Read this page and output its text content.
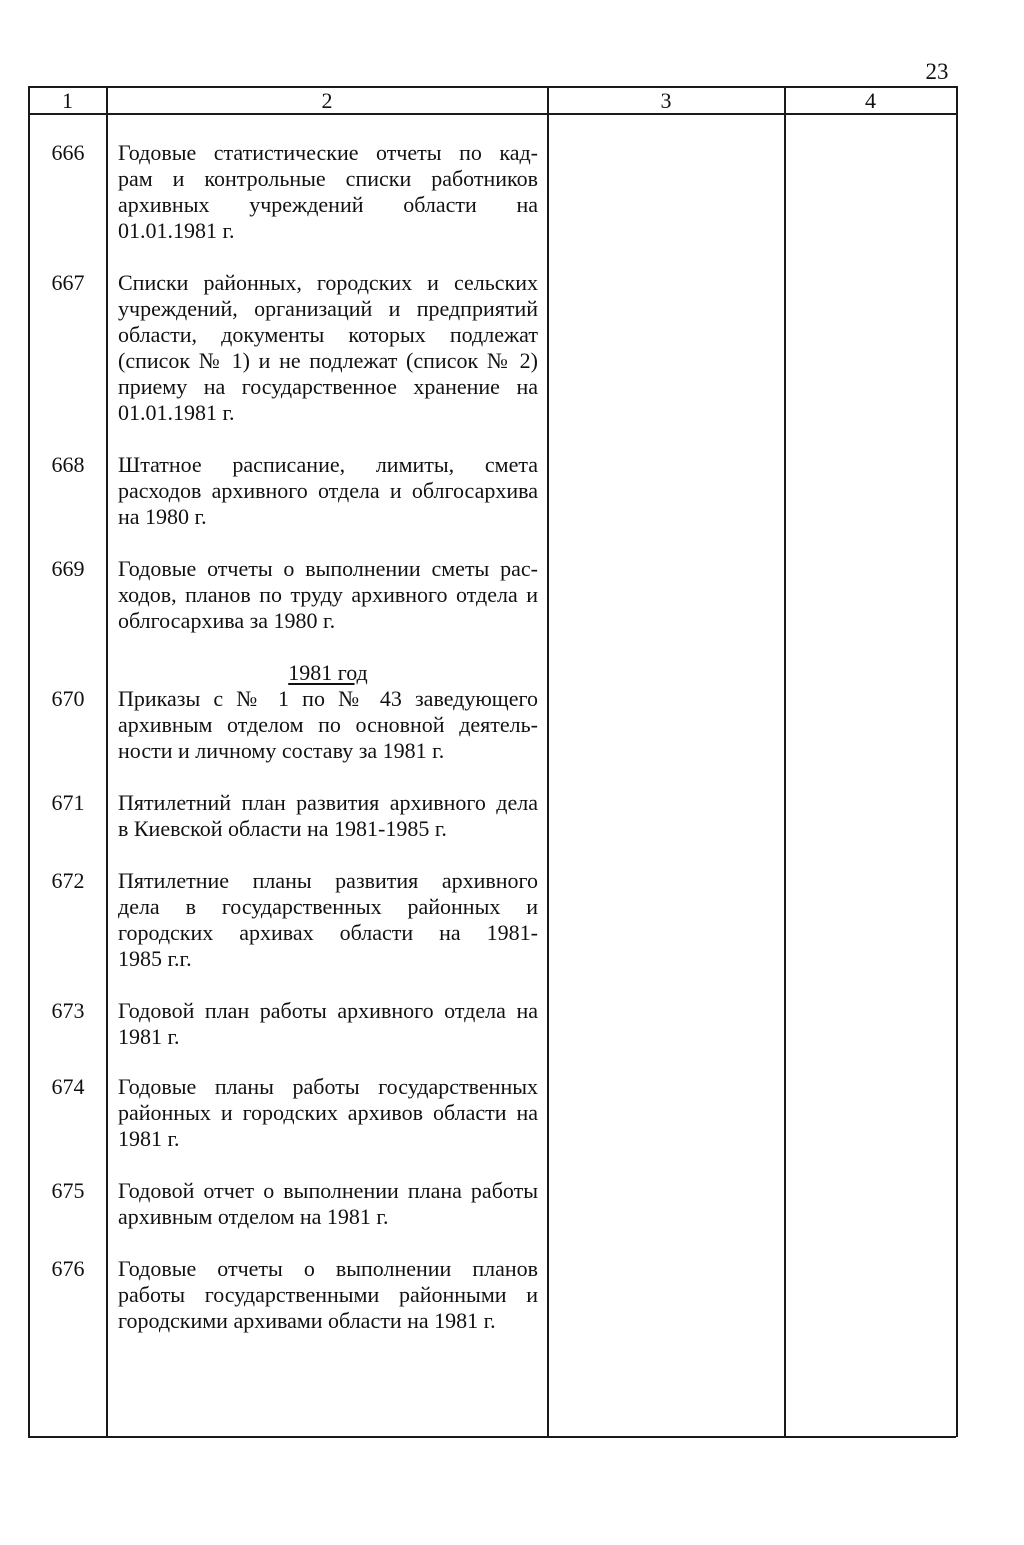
23
1	2	3	4
666	Годовые статистические отчеты по кад-
рам и контрольные списки работников
архивных учреждений области на
01.01.1981 г.
667	Списки районных, городских и сельских
учреждений, организаций и предприятий
области, документы которых подлежат
(список № 1) и не подлежат (список № 2)
приему на государственное хранение на
01.01.1981 г.
668	Штатное расписание, лимиты, смета
расходов архивного отдела и облгосархива
на 1980 г.
669	Годовые отчеты о выполнении сметы рас-
ходов, планов по труду архивного отдела и
облгосархива за 1980 г.
1981 год
670	Приказы с № 1 по № 43 заведующего
архивным отделом по основной деятель-
ности и личному составу за 1981 г.
671	Пятилетний план развития архивного дела
в Киевской области на 1981-1985 г.
672	Пятилетние планы развития архивного
дела в государственных районных и
городских архивах области на 1981-
1985 г.г.
673	Годовой план работы архивного отдела на
1981 г.
674	Годовые планы работы государственных
районных и городских архивов области на
1981 г.
675	Годовой отчет о выполнении плана работы
архивным отделом на 1981 г.
676	Годовые отчеты о выполнении планов
работы государственными районными и
городскими архивами области на 1981 г.
